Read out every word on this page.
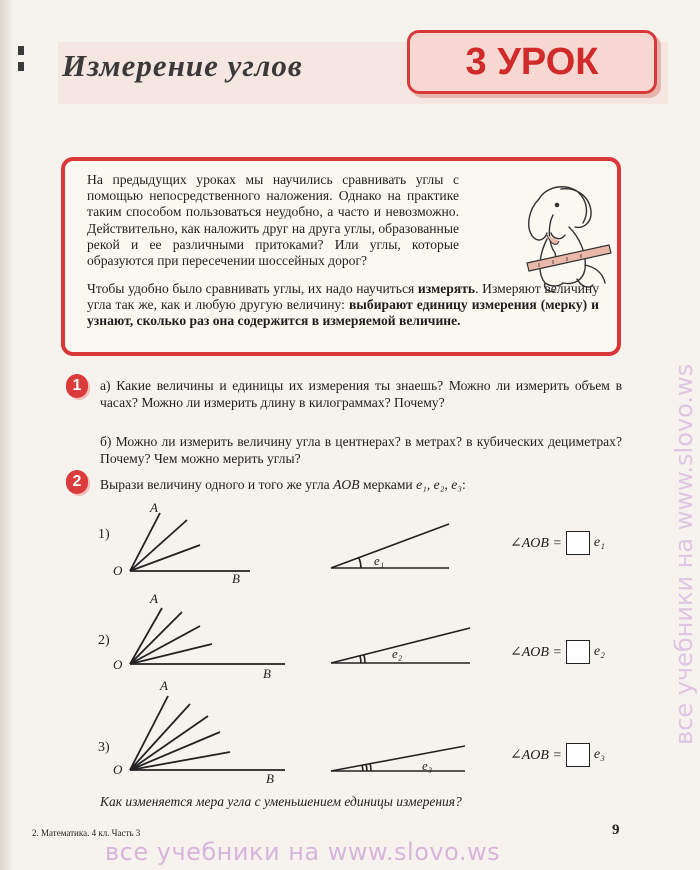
Измерение углов	3 УРОК

На предыдущих уроках мы научились сравнивать углы с помощью непосредственного наложения. Однако на практике таким способом пользоваться неудобно, а часто и невозможно. Действительно, как наложить друг на друга углы, образованные рекой и ее различными притоками? Или углы, которые образуются при пересечении шоссейных дорог?

Чтобы удобно было сравнивать углы, их надо научиться измерять. Измеряют величину угла так же, как и любую другую величину: выбирают единицу измерения (мерку) и узнают, сколько раз она содержится в измеряемой величине.
1	а) Какие величины и единицы их измерения ты знаешь? Можно ли измерить объем в часах? Можно ли измерить длину в килограммах? Почему?
б) Можно ли измерить величину угла в центнерах? в метрах? в кубических дециметрах? Почему? Чем можно мерить углы?
2	Вырази величину одного и того же угла AOB мерками e₁, e₂, e₃:
1)
A
O
B
e₁
∠AOB = e₁
2)
A
O
B
e₂	∠AOB = e₂
3)
A
O
B
e₃
∠AOB = e₃
Как изменяется мера угла с уменьшением единицы измерения?
2. Математика. 4 кл. Часть 3	9
все учебники на www.slovo.ws
все учебники на www.slovo.ws
